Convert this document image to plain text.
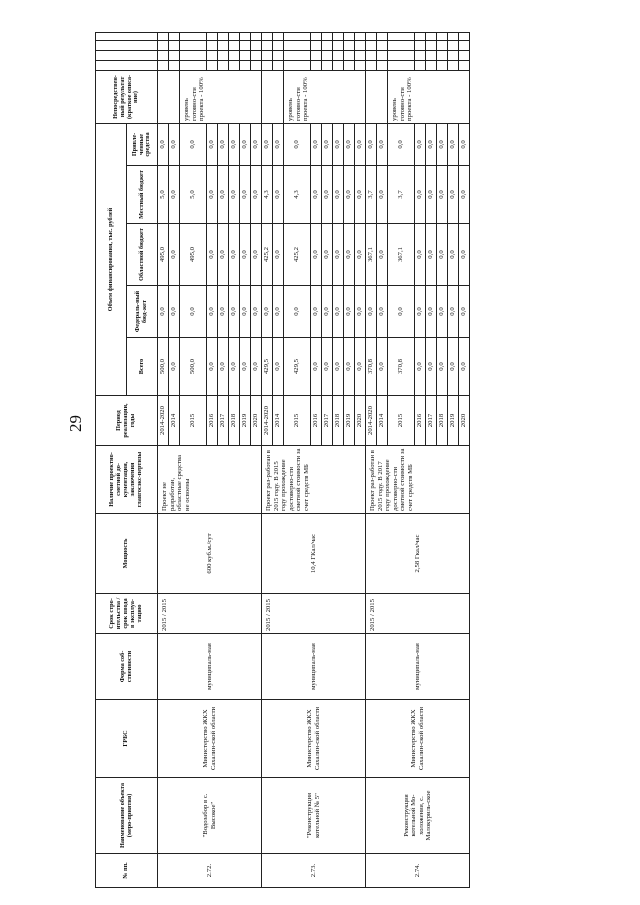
29
№ пп.	Наименование объекта (меро-приятия)	ГРБС	Форма соб-ственности	Срок стро-ительства / срок ввода в эксплуа-тацию	Мощность	Наличие проектно-сметной до-кументации, заключения главгосэкс-пертизы	Период реализации, годы	Объем финансирования, тыс. рублей					Непосредствен-ный результат (краткое описа-ние)				
								Всего	Федераль-ный бюд-жет	Областной бюджет	Местный бюджет	Привле-ченные средства					
2.72.	"Водозабор в с. Высокое"	Министерство ЖКХ Сахалин-ской области	муниципаль-ная	2015 / 2015	600 куб.м./сут	Проект не разработан, областные средства не освоены	2014-2020	500,0	0,0	495,0	5,0	0,0					
							2014	0,0	0,0	0,0	0,0	0,0					
							2015	500,0	0,0	495,0	5,0	0,0	уровень готовно-сти проекта - 100%				
							2016	0,0	0,0	0,0	0,0	0,0					
							2017	0,0	0,0	0,0	0,0	0,0					
							2018	0,0	0,0	0,0	0,0	0,0					
							2019	0,0	0,0	0,0	0,0	0,0					
							2020	0,0	0,0	0,0	0,0	0,0					
2.73.	"Реконструкция котельной № 5"	Министерство ЖКХ Сахалин-ской области	муниципаль-ная	2015 / 2015	10,4 ГКал/час	Проект раз-работан в 2015 году. В 2015 году прохождение достоверно-сти сметной стоимости за счет средств МБ	2014-2020	429,5	0,0	425,2	4,3	0,0					
							2014	0,0	0,0	0,0	0,0	0,0					
							2015	429,5	0,0	425,2	4,3	0,0	уровень готовно-сти проекта - 100%				
							2016	0,0	0,0	0,0	0,0	0,0					
							2017	0,0	0,0	0,0	0,0	0,0					
							2018	0,0	0,0	0,0	0,0	0,0					
							2019	0,0	0,0	0,0	0,0	0,0					
							2020	0,0	0,0	0,0	0,0	0,0					
2.74.	Реконструкция котельной Мо-холожения, с. Малокуриль-ское	Министерство ЖКХ Сахалин-ской области	муниципаль-ная	2015 / 2015	2,58 Гкал/час	Проект раз-работан в 2015 году. В 2017 году прохождение достоверно-сти сметной стоимости за счет средств МБ	2014-2020	370,8	0,0	367,1	3,7	0,0					
							2014	0,0	0,0	0,0	0,0	0,0					
							2015	370,8	0,0	367,1	3,7	0,0	уровень готовно-сти проекта - 100%				
							2016	0,0	0,0	0,0	0,0	0,0					
							2017	0,0	0,0	0,0	0,0	0,0					
							2018	0,0	0,0	0,0	0,0	0,0					
							2019	0,0	0,0	0,0	0,0	0,0					
							2020	0,0	0,0	0,0	0,0	0,0					
